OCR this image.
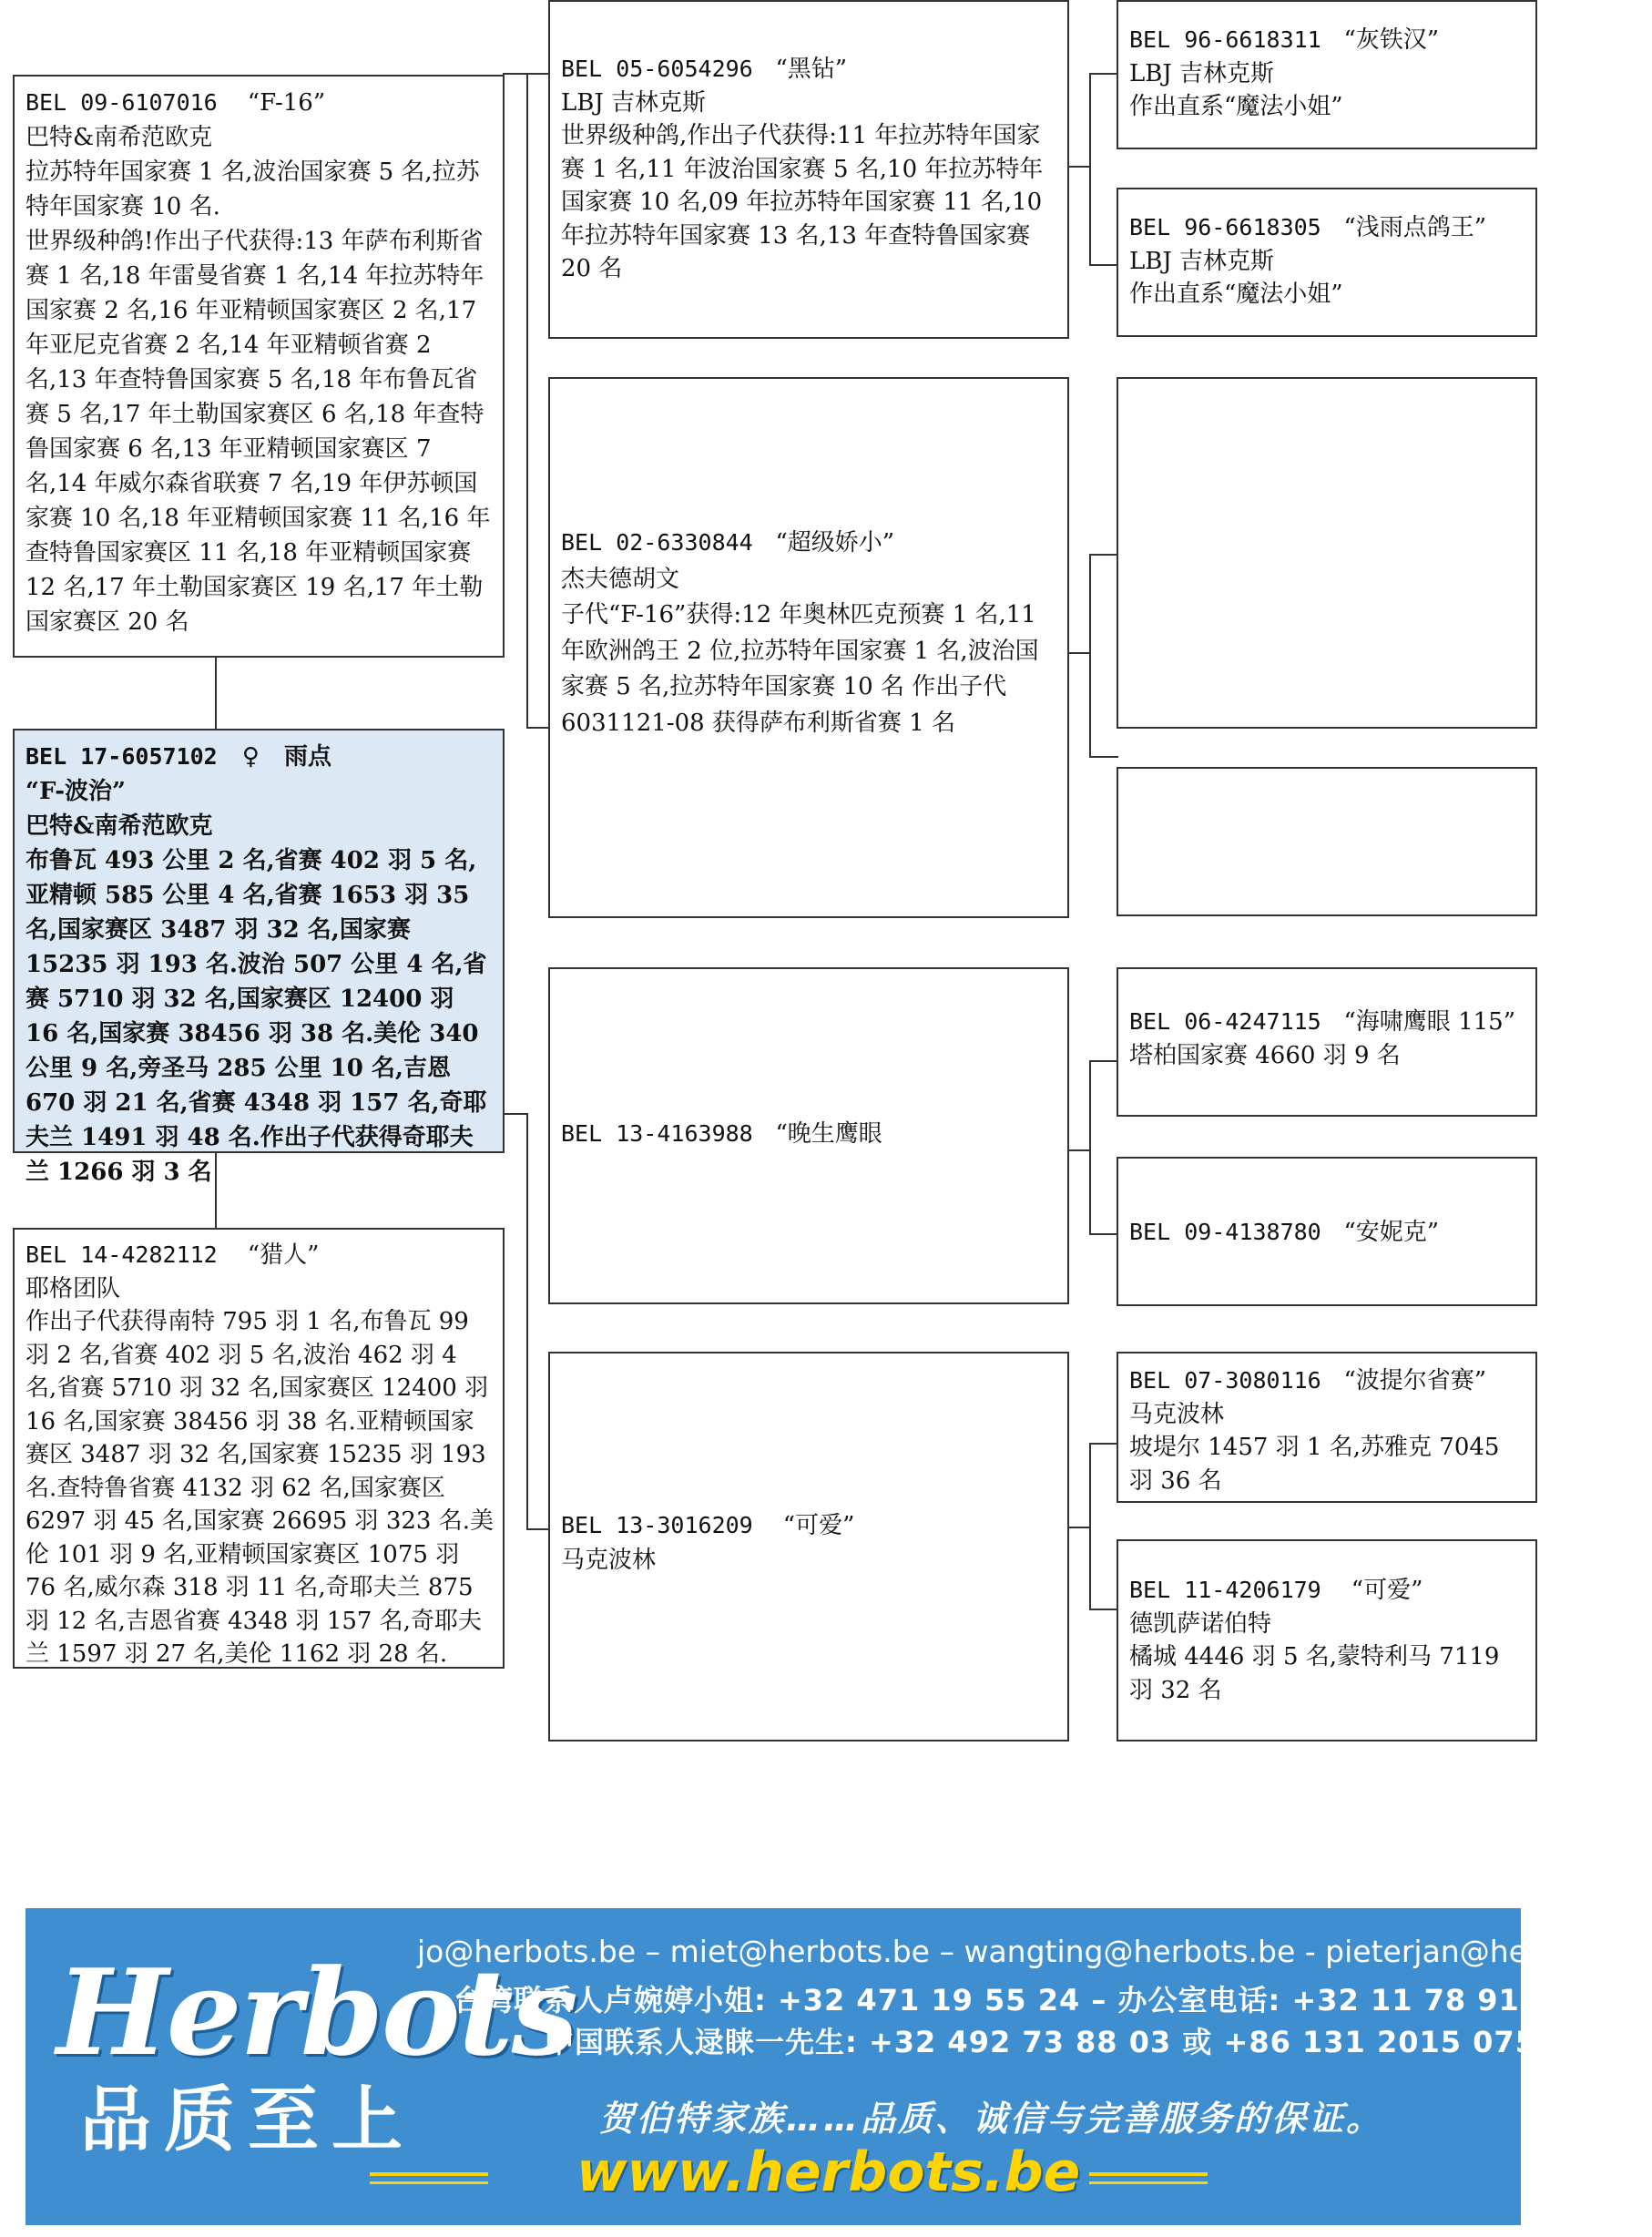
BEL 09-6107016 “F-16”
巴特&南希范欧克
拉苏特年国家赛 1 名,波治国家赛 5 名,拉苏特年国家赛 10 名.
世界级种鸽!作出子代获得:13 年萨布利斯省赛 1 名,18 年雷曼省赛 1 名,14 年拉苏特年国家赛 2 名,16 年亚精顿国家赛区 2 名,17 年亚尼克省赛 2 名,14 年亚精顿省赛 2 名,13 年查特鲁国家赛 5 名,18 年布鲁瓦省赛 5 名,17 年土勒国家赛区 6 名,18 年查特鲁国家赛 6 名,13 年亚精顿国家赛区 7 名,14 年威尔森省联赛 7 名,19 年伊苏顿国家赛 10 名,18 年亚精顿国家赛 11 名,16 年查特鲁国家赛区 11 名,18 年亚精顿国家赛 12 名,17 年土勒国家赛区 19 名,17 年土勒国家赛区 20 名
BEL 17-6057102 ♀ 雨点
“F-波治”
巴特&南希范欧克
布鲁瓦 493 公里 2 名,省赛 402 羽 5 名,亚精顿 585 公里 4 名,省赛 1653 羽 35 名,国家赛区 3487 羽 32 名,国家赛 15235 羽 193 名.波治 507 公里 4 名,省赛 5710 羽 32 名,国家赛区 12400 羽 16 名,国家赛 38456 羽 38 名.美伦 340 公里 9 名,旁圣马 285 公里 10 名,吉恩 670 羽 21 名,省赛 4348 羽 157 名,奇耶夫兰 1491 羽 48 名.作出子代获得奇耶夫兰 1266 羽 3 名
BEL 14-4282112 “猎人”
耶格团队
作出子代获得南特 795 羽 1 名,布鲁瓦 99 羽 2 名,省赛 402 羽 5 名,波治 462 羽 4 名,省赛 5710 羽 32 名,国家赛区 12400 羽 16 名,国家赛 38456 羽 38 名.亚精顿国家赛区 3487 羽 32 名,国家赛 15235 羽 193 名.查特鲁省赛 4132 羽 62 名,国家赛区 6297 羽 45 名,国家赛 26695 羽 323 名.美伦 101 羽 9 名,亚精顿国家赛区 1075 羽 76 名,威尔森 318 羽 11 名,奇耶夫兰 875 羽 12 名,吉恩省赛 4348 羽 157 名,奇耶夫兰 1597 羽 27 名,美伦 1162 羽 28 名.
BEL 05-6054296 “黑钻”
LBJ 吉林克斯
世界级种鸽,作出子代获得:11 年拉苏特年国家赛 1 名,11 年波治国家赛 5 名,10 年拉苏特年国家赛 10 名,09 年拉苏特年国家赛 11 名,10 年拉苏特年国家赛 13 名,13 年查特鲁国家赛 20 名
BEL 02-6330844 “超级娇小”
杰夫德胡文
子代“F-16”获得:12 年奥林匹克预赛 1 名,11 年欧洲鸽王 2 位,拉苏特年国家赛 1 名,波治国家赛 5 名,拉苏特年国家赛 10 名 作出子代 6031121-08 获得萨布利斯省赛 1 名
BEL 13-4163988 “晚生鹰眼
BEL 13-3016209 “可爱”
马克波林
BEL 96-6618311 “灰铁汉”
LBJ 吉林克斯
作出直系“魔法小姐”
BEL 96-6618305 “浅雨点鸽王”
LBJ 吉林克斯
作出直系“魔法小姐”
BEL 06-4247115 “海啸鹰眼 115”
塔柏国家赛 4660 羽 9 名
BEL 09-4138780 “安妮克”
BEL 07-3080116 “波提尔省赛”
马克波林
坡堤尔 1457 羽 1 名,苏雅克 7045 羽 36 名
BEL 11-4206179 “可爱”
德凯萨诺伯特
橘城 4446 羽 5 名,蒙特利马 7119 羽 32 名
Herbots
品质至上
jo@herbots.be – miet@herbots.be – wangting@herbots.be - pieterjan@herbots.be
台湾联系人卢婉婷小姐: +32 471 19 55 24 – 办公室电话: +32 11 78 91 90
中国联系人逯睐一先生: +32 492 73 88 03 或 +86 131 2015 0755
贺伯特家族……品质、诚信与完善服务的保证。
www.herbots.be
